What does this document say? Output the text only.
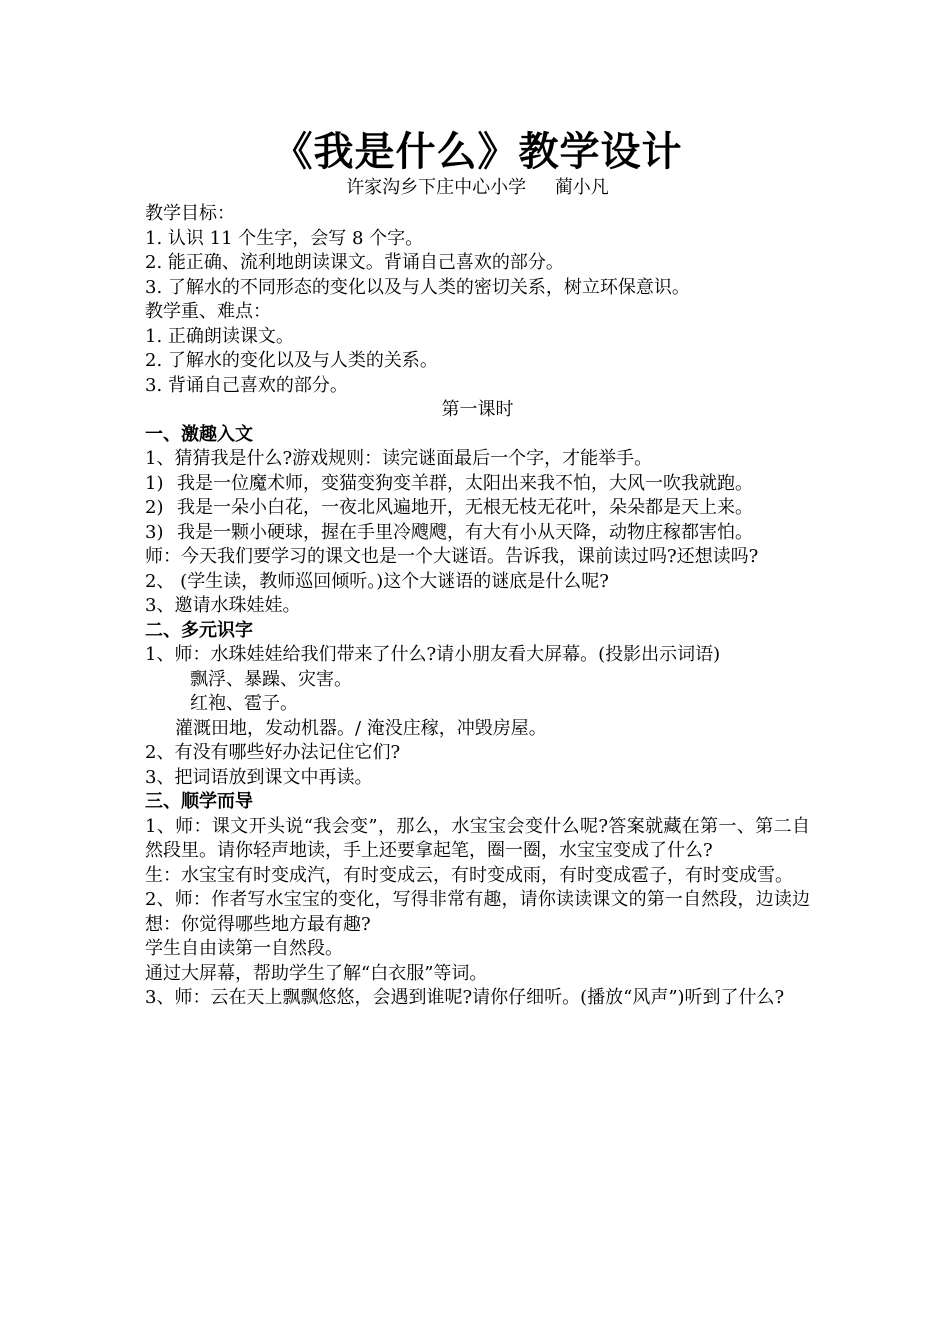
《我是什么》教学设计

许家沟乡下庄中心小学     蔺小凡

教学目标：

1. 认识 11 个生字，会写 8 个字。

2. 能正确、流利地朗读课文。背诵自己喜欢的部分。

3. 了解水的不同形态的变化以及与人类的密切关系，树立环保意识。

教学重、难点：

1. 正确朗读课文。

2. 了解水的变化以及与人类的关系。

3. 背诵自己喜欢的部分。

第一课时

一、激趣入文

1、猜猜我是什么?游戏规则：读完谜面最后一个字，才能举手。

1) 我是一位魔术师，变猫变狗变羊群，太阳出来我不怕，大风一吹我就跑。
2) 我是一朵小白花，一夜北风遍地开，无根无枝无花叶，朵朵都是天上来。
3) 我是一颗小硬球，握在手里冷飕飕，有大有小从天降，动物庄稼都害怕。

师：今天我们要学习的课文也是一个大谜语。告诉我，课前读过吗?还想读吗?

2、 (学生读，教师巡回倾听。)这个大谜语的谜底是什么呢?

3、邀请水珠娃娃。

二、多元识字

1、师：水珠娃娃给我们带来了什么?请小朋友看大屏幕。(投影出示词语)

飘浮、暴躁、灾害。

红袍、雹子。

灌溉田地，发动机器。/ 淹没庄稼，冲毁房屋。

2、有没有哪些好办法记住它们?

3、把词语放到课文中再读。

三、顺学而导

1、师：课文开头说“我会变”，那么，水宝宝会变什么呢?答案就藏在第一、第二自然段里。请你轻声地读，手上还要拿起笔，圈一圈，水宝宝变成了什么?

生：水宝宝有时变成汽，有时变成云，有时变成雨，有时变成雹子，有时变成雪。

2、师：作者写水宝宝的变化，写得非常有趣，请你读读课文的第一自然段，边读边想：你觉得哪些地方最有趣?

学生自由读第一自然段。

通过大屏幕，帮助学生了解“白衣服”等词。

3、师：云在天上飘飘悠悠，会遇到谁呢?请你仔细听。(播放“风声”)听到了什么?
